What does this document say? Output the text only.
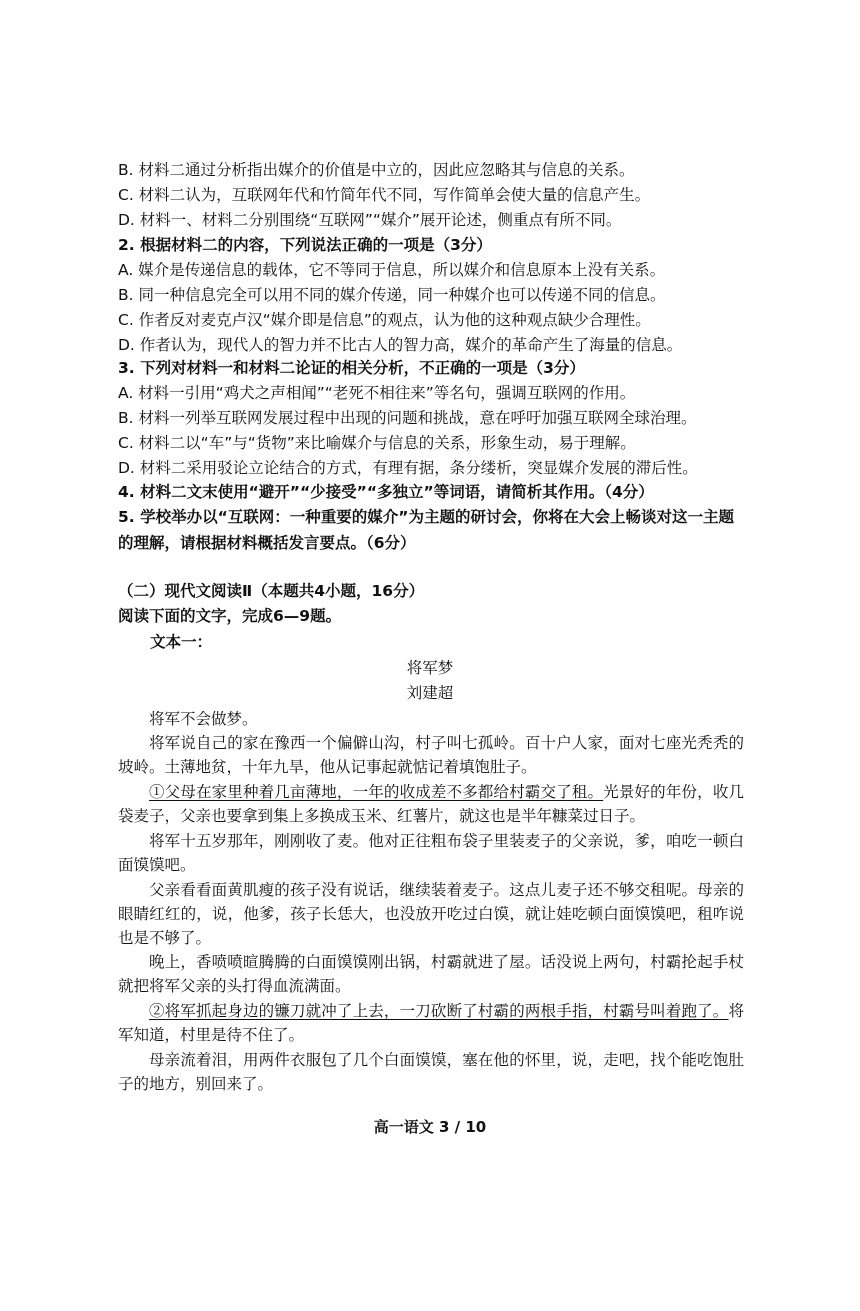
B. 材料二通过分析指出媒介的价值是中立的，因此应忽略其与信息的关系。
C. 材料二认为，互联网年代和竹简年代不同，写作简单会使大量的信息产生。
D. 材料一、材料二分别围绕“互联网”“媒介”展开论述，侧重点有所不同。
2. 根据材料二的内容，下列说法正确的一项是（3分）
A. 媒介是传递信息的载体，它不等同于信息，所以媒介和信息原本上没有关系。
B. 同一种信息完全可以用不同的媒介传递，同一种媒介也可以传递不同的信息。
C. 作者反对麦克卢汉“媒介即是信息”的观点，认为他的这种观点缺少合理性。
D. 作者认为，现代人的智力并不比古人的智力高，媒介的革命产生了海量的信息。
3. 下列对材料一和材料二论证的相关分析，不正确的一项是（3分）
A. 材料一引用“鸡犬之声相闻”“老死不相往来”等名句，强调互联网的作用。
B. 材料一列举互联网发展过程中出现的问题和挑战，意在呼吁加强互联网全球治理。
C. 材料二以“车”与“货物”来比喻媒介与信息的关系，形象生动，易于理解。
D. 材料二采用驳论立论结合的方式，有理有据，条分缕析，突显媒介发展的滞后性。
4. 材料二文末使用“避开”“少接受”“多独立”等词语，请简析其作用。（4分）
5. 学校举办以“互联网：一种重要的媒介”为主题的研讨会，你将在大会上畅谈对这一主题的理解，请根据材料概括发言要点。（6分）
（二）现代文阅读Ⅱ（本题共4小题，16分）
阅读下面的文字，完成6—9题。
文本一：
将军梦
刘建超
将军不会做梦。
将军说自己的家在豫西一个偏僻山沟，村子叫七孤岭。百十户人家，面对七座光秃秃的坡岭。土薄地贫，十年九旱，他从记事起就惦记着填饱肚子。
①父母在家里种着几亩薄地，一年的收成差不多都给村霸交了租。光景好的年份，收几袋麦子，父亲也要拿到集上多换成玉米、红薯片，就这也是半年糠菜过日子。
将军十五岁那年，刚刚收了麦。他对正往粗布袋子里装麦子的父亲说，爹，咱吃一顿白面馍馍吧。
父亲看看面黄肌瘦的孩子没有说话，继续装着麦子。这点儿麦子还不够交租呢。母亲的眼睛红红的，说，他爹，孩子长恁大，也没放开吃过白馍，就让娃吃顿白面馍馍吧，租咋说也是不够了。
晚上，香喷喷暄腾腾的白面馍馍刚出锅，村霸就进了屋。话没说上两句，村霸抡起手杖就把将军父亲的头打得血流满面。
②将军抓起身边的镰刀就冲了上去，一刀砍断了村霸的两根手指，村霸号叫着跑了。将军知道，村里是待不住了。
母亲流着泪，用两件衣服包了几个白面馍馍，塞在他的怀里，说，走吧，找个能吃饱肚子的地方，别回来了。
高一语文 3 / 10
